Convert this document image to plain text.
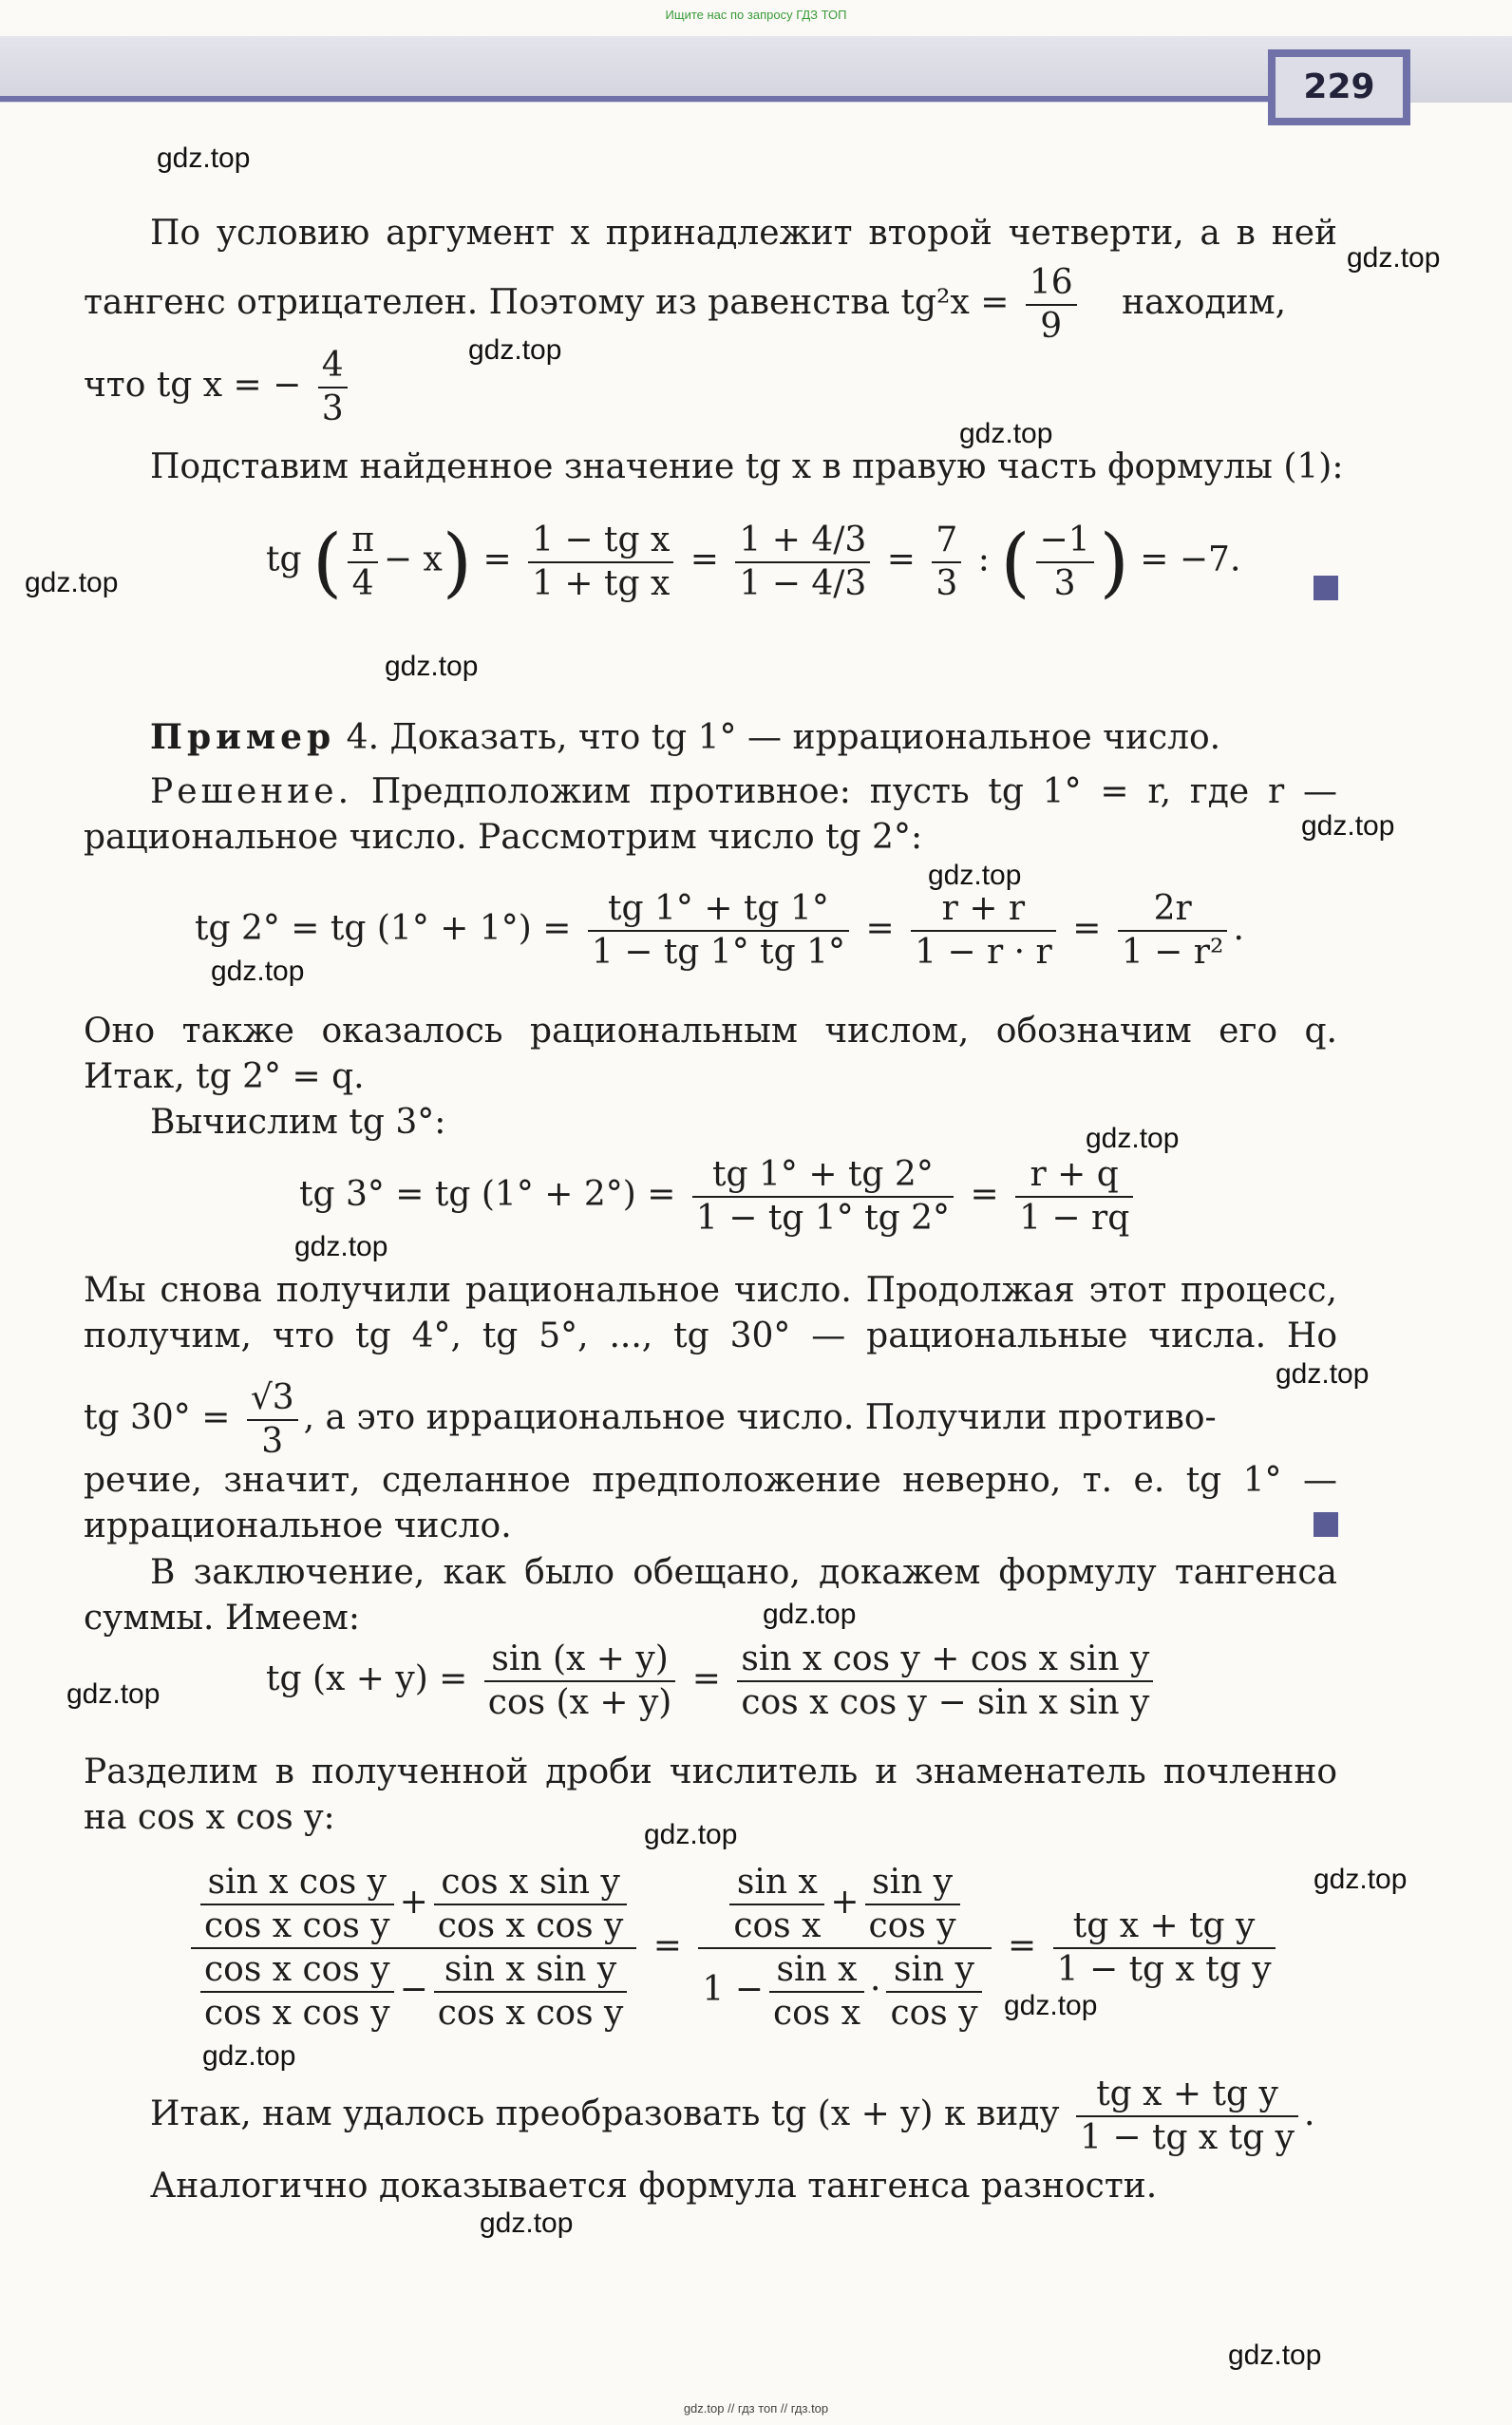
Ищите нас по запросу ГДЗ ТОП
229
gdz.top
gdz.top
gdz.top
gdz.top
gdz.top
gdz.top
gdz.top
gdz.top
gdz.top
gdz.top
gdz.top
gdz.top
gdz.top
gdz.top
gdz.top
gdz.top
gdz.top
gdz.top
gdz.top
gdz.top
По условию аргумент x принадлежит второй четверти, а в ней
тангенс отрицателен. Поэтому из равенства $tg^2x = \frac{16}{9}$ находим,
что tg x = − $\frac{4}{3}$
Подставим найденное значение tg x в правую часть формулы (1):
tg ( $\frac{\pi}{4} - x) = \frac{\text{1 − tg x}}{\text{1 + tg x}} = \frac{1 + 4/3}{1 - 4/3} = \frac{7}{3}$ : ( $\frac{-1}{3}$ ) = −7.
Пример 4. Доказать, что tg 1° — иррациональное число.
Решение. Предположим противное: пусть tg 1° = r, где r —
рациональное число. Рассмотрим число tg 2°:
tg 2° = tg $(1^\circ + 1^\circ) = \frac{tg 1^\circ + tg 1^\circ}{1 - tg 1^\circ tg 1^\circ} = \frac{r + r}{1 - r \cdot r} = \frac{2r}{\text{1 − r²}}$ .
Оно также оказалось рациональным числом, обозначим его q.
Итак, tg 2° = q.
Вычислим tg 3°:
tg 3° = tg $(1^\circ + 2^\circ) = \frac{tg 1^\circ + tg 2^\circ}{1 - tg 1^\circ tg 2^\circ} = \frac{r + q}{1 - rq}$
Мы снова получили рациональное число. Продолжая этот процесс,
получим, что tg 4°, tg 5°, ..., tg 30° — рациональные числа. Но
tg $30^\circ = \frac{√3}{3}$ , а это иррациональное число. Получили противо-
речие, значит, сделанное предположение неверно, т. е. tg 1° —
иррациональное число.
В заключение, как было обещано, докажем формулу тангенса
суммы. Имеем:
tg $(x + y) = \frac{\sin (x + y)}{\cos (x + y)} = \frac{\text{sin x cos y + cos x sin y}}{\text{cos x cos y − sin x sin y}}$
Разделим в полученной дроби числитель и знаменатель почленно
на cos x cos y:
$\frac{\frac{\text{sin x cos y}}{\text{cos x cos y}} + \frac{\text{cos x sin y}}{\text{cos x cos y}}}{\frac{\text{cos x cos y}}{\text{cos x cos y}} - \frac{\text{sin x sin y}}{\text{cos x cos y}}} = \frac{\frac{\text{sin x}}{\text{cos x}} + \frac{\text{sin y}}{\text{cos y}}}{1 - \frac{\text{sin x}}{\text{cos x}} \cdot \frac{\text{sin y}}{\text{cos y}}} = \frac{\text{tg x + tg y}}{\text{1 − tg x tg y}}$
Итак, нам удалось преобразовать tg (x + y) к виду $\frac{\text{tg x + tg y}}{\text{1 − tg x tg y}}$ .
Аналогично доказывается формула тангенса разности.
gdz.top // гдз топ // гдз.top
